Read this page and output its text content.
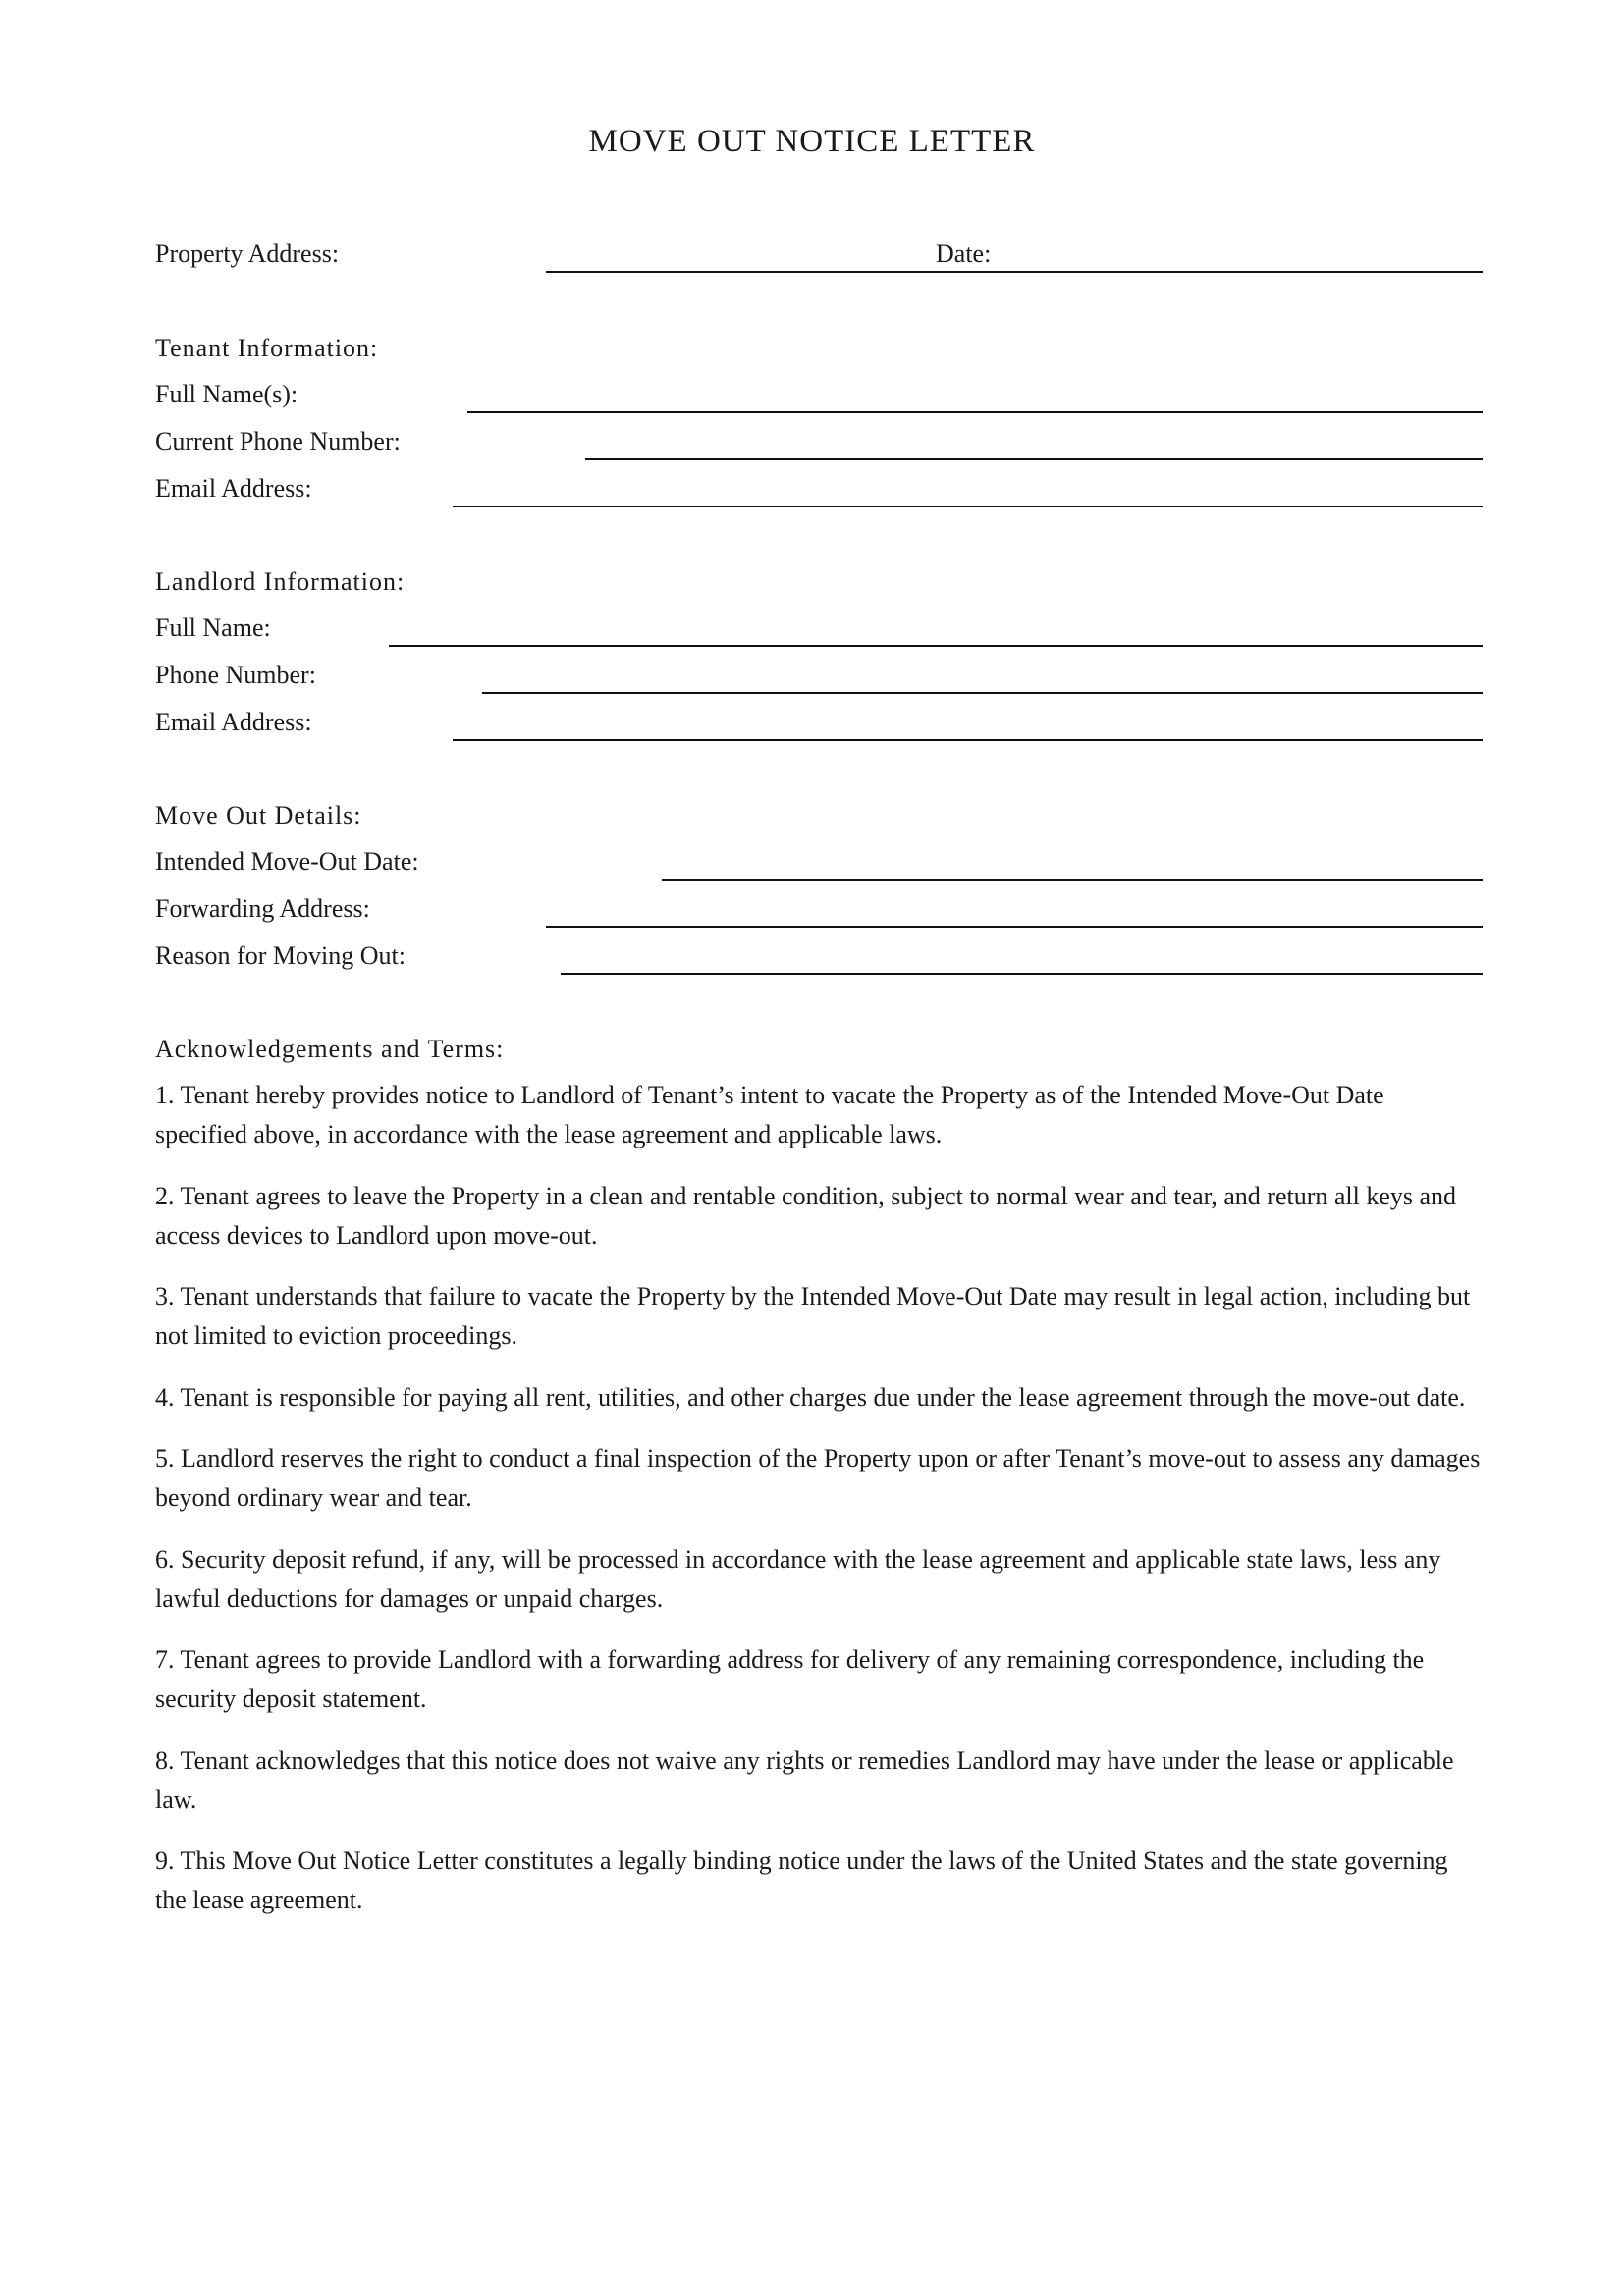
MOVE OUT NOTICE LETTER
Property Address:	Date:
Tenant Information:
Full Name(s):
Current Phone Number:
Email Address:
Landlord Information:
Full Name:
Phone Number:
Email Address:
Move Out Details:
Intended Move-Out Date:
Forwarding Address:
Reason for Moving Out:
Acknowledgements and Terms:
1. Tenant hereby provides notice to Landlord of Tenant’s intent to vacate the Property as of the Intended Move-Out Date specified above, in accordance with the lease agreement and applicable laws.
2. Tenant agrees to leave the Property in a clean and rentable condition, subject to normal wear and tear, and return all keys and access devices to Landlord upon move-out.
3. Tenant understands that failure to vacate the Property by the Intended Move-Out Date may result in legal action, including but not limited to eviction proceedings.
4. Tenant is responsible for paying all rent, utilities, and other charges due under the lease agreement through the move-out date.
5. Landlord reserves the right to conduct a final inspection of the Property upon or after Tenant’s move-out to assess any damages beyond ordinary wear and tear.
6. Security deposit refund, if any, will be processed in accordance with the lease agreement and applicable state laws, less any lawful deductions for damages or unpaid charges.
7. Tenant agrees to provide Landlord with a forwarding address for delivery of any remaining correspondence, including the security deposit statement.
8. Tenant acknowledges that this notice does not waive any rights or remedies Landlord may have under the lease or applicable law.
9. This Move Out Notice Letter constitutes a legally binding notice under the laws of the United States and the state governing the lease agreement.
